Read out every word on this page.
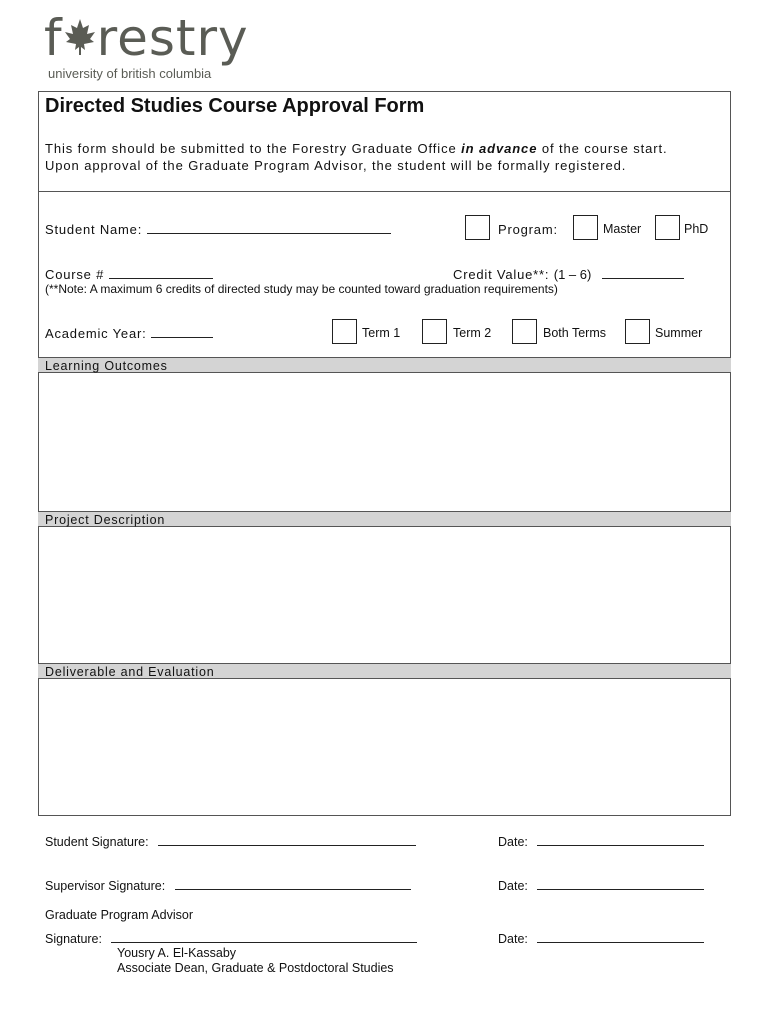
f restry
university of british columbia
Directed Studies Course Approval Form
This form should be submitted to the Forestry Graduate Office in advance of the course start.
Upon approval of the Graduate Program Advisor, the student will be formally registered.
Student Name:	Program:	Master	PhD
Course #	Credit Value**: (1 – 6)
(**Note: A maximum 6 credits of directed study may be counted toward graduation requirements)
Academic Year:	Term 1	Term 2	Both Terms	Summer
Learning Outcomes
Project Description
Deliverable and Evaluation
Student Signature:	Date:
Supervisor Signature:	Date:
Graduate Program Advisor
Signature:	Date:
Yousry A. El-Kassaby
Associate Dean, Graduate & Postdoctoral Studies
